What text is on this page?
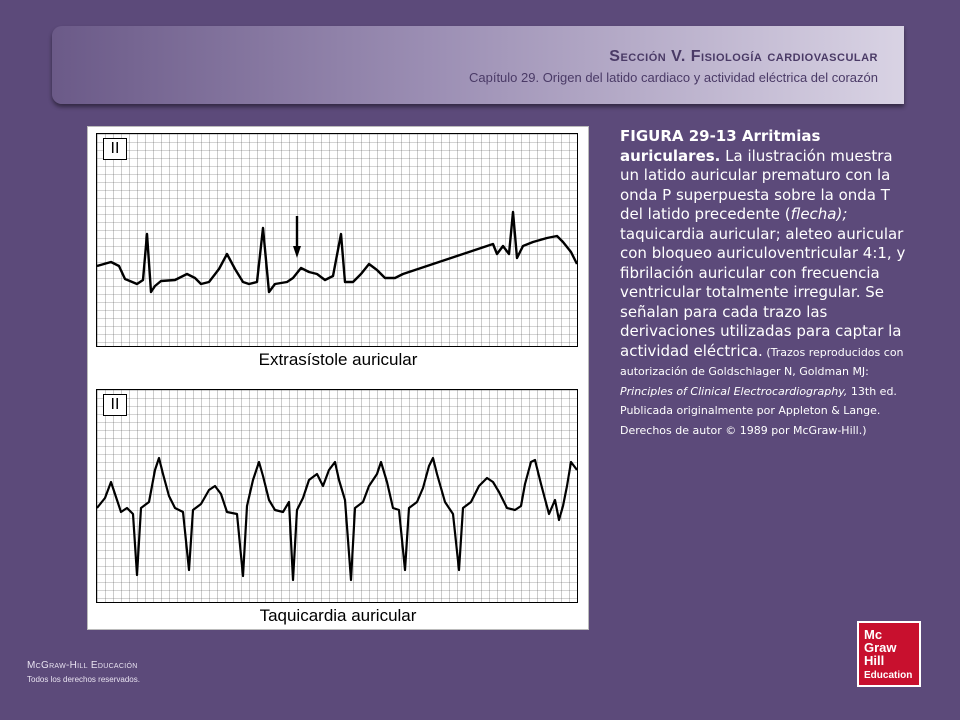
Sección V. Fisiología cardiovascular
Capítulo 29. Origen del latido cardiaco y actividad eléctrica del corazón
II
Extrasístole auricular
II
Taquicardia auricular
FIGURA 29-13 Arritmias auriculares. La ilustración muestra un latido auricular prematuro con la onda P superpuesta sobre la onda T del latido precedente (flecha); taquicardia auricular; aleteo auricular con bloqueo auriculoventricular 4:1, y fibrilación auricular con frecuencia ventricular totalmente irregular. Se señalan para cada trazo las derivaciones utilizadas para captar la actividad eléctrica. (Trazos reproducidos con autorización de Goldschlager N, Goldman MJ: Principles of Clinical Electrocardiography, 13th ed. Publicada originalmente por Appleton & Lange. Derechos de autor © 1989 por McGraw-Hill.)
McGraw-Hill Educación
Todos los derechos reservados.
Mc
Graw
Hill
Education
